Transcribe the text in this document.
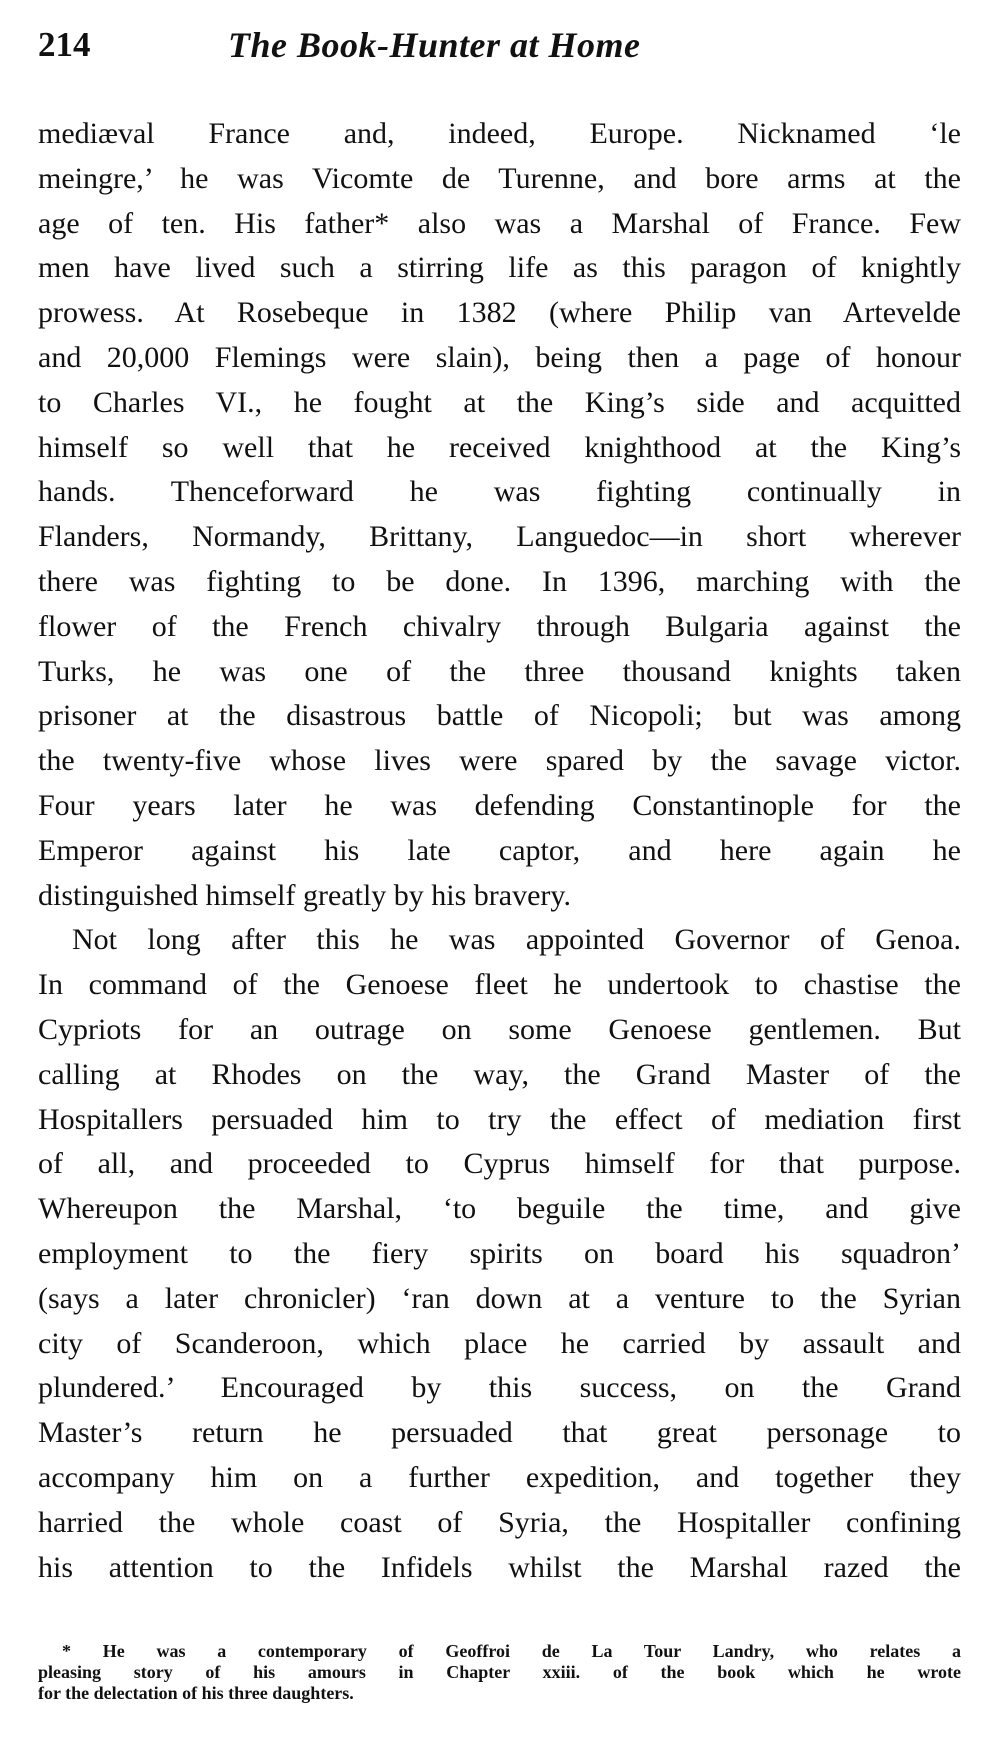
214	The Book-Hunter at Home

mediæval France and, indeed, Europe. Nicknamed ‘le

meingre,’ he was Vicomte de Turenne, and bore arms at the

age of ten. His father* also was a Marshal of France. Few

men have lived such a stirring life as this paragon of knightly

prowess. At Rosebeque in 1382 (where Philip van Artevelde

and 20,000 Flemings were slain), being then a page of honour

to Charles VI., he fought at the King’s side and acquitted

himself so well that he received knighthood at the King’s

hands. Thenceforward he was fighting continually in

Flanders, Normandy, Brittany, Languedoc—in short wherever

there was fighting to be done. In 1396, marching with the

flower of the French chivalry through Bulgaria against the

Turks, he was one of the three thousand knights taken

prisoner at the disastrous battle of Nicopoli; but was among

the twenty-five whose lives were spared by the savage victor.

Four years later he was defending Constantinople for the

Emperor against his late captor, and here again he

distinguished himself greatly by his bravery.

Not long after this he was appointed Governor of Genoa.

In command of the Genoese fleet he undertook to chastise the

Cypriots for an outrage on some Genoese gentlemen. But

calling at Rhodes on the way, the Grand Master of the

Hospitallers persuaded him to try the effect of mediation first

of all, and proceeded to Cyprus himself for that purpose.

Whereupon the Marshal, ‘to beguile the time, and give

employment to the fiery spirits on board his squadron’

(says a later chronicler) ‘ran down at a venture to the Syrian

city of Scanderoon, which place he carried by assault and

plundered.’ Encouraged by this success, on the Grand

Master’s return he persuaded that great personage to

accompany him on a further expedition, and together they

harried the whole coast of Syria, the Hospitaller confining

his attention to the Infidels whilst the Marshal razed the

* He was a contemporary of Geoffroi de La Tour Landry, who relates a
pleasing story of his amours in Chapter xxiii. of the book which he wrote
for the delectation of his three daughters.
